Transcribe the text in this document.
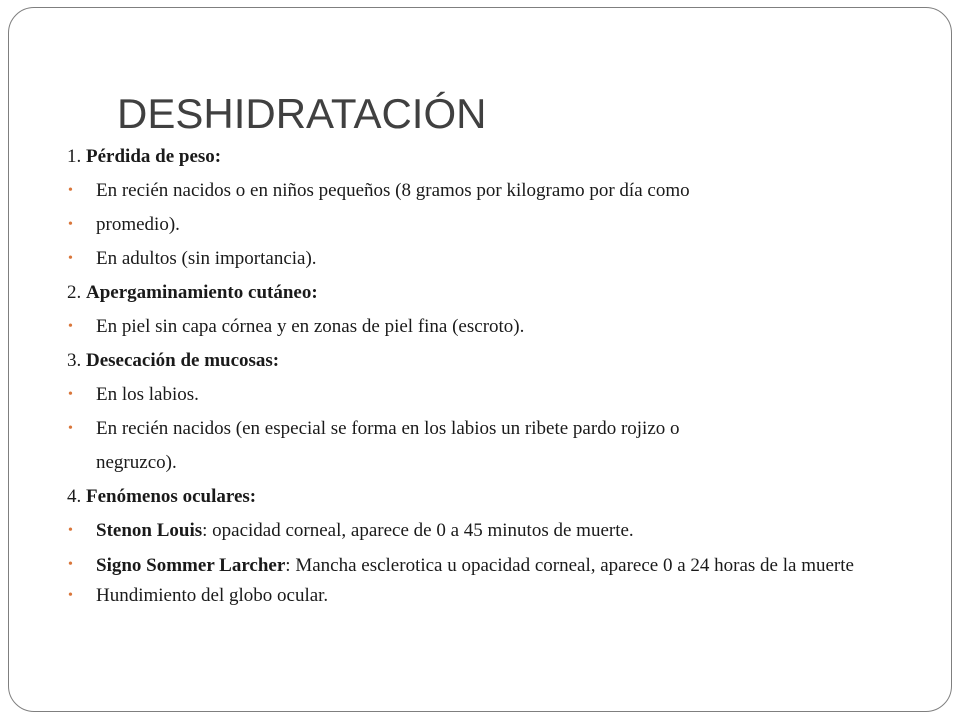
DESHIDRATACIÓN
1. Pérdida de peso:
• En recién nacidos o en niños pequeños (8 gramos por kilogramo por día como
• promedio).
• En adultos (sin importancia).
2. Apergaminamiento cutáneo:
• En piel sin capa córnea y en zonas de piel fina (escroto).
3. Desecación de mucosas:
• En los labios.
• En recién nacidos (en especial se forma en los labios un ribete pardo rojizo o
negruzco).
4. Fenómenos oculares:
• Stenon Louis: opacidad corneal, aparece de 0 a 45 minutos de muerte.
• Signo Sommer Larcher: Mancha esclerotica u opacidad corneal, aparece 0 a 24 horas de la muerte
• Hundimiento del globo ocular.
